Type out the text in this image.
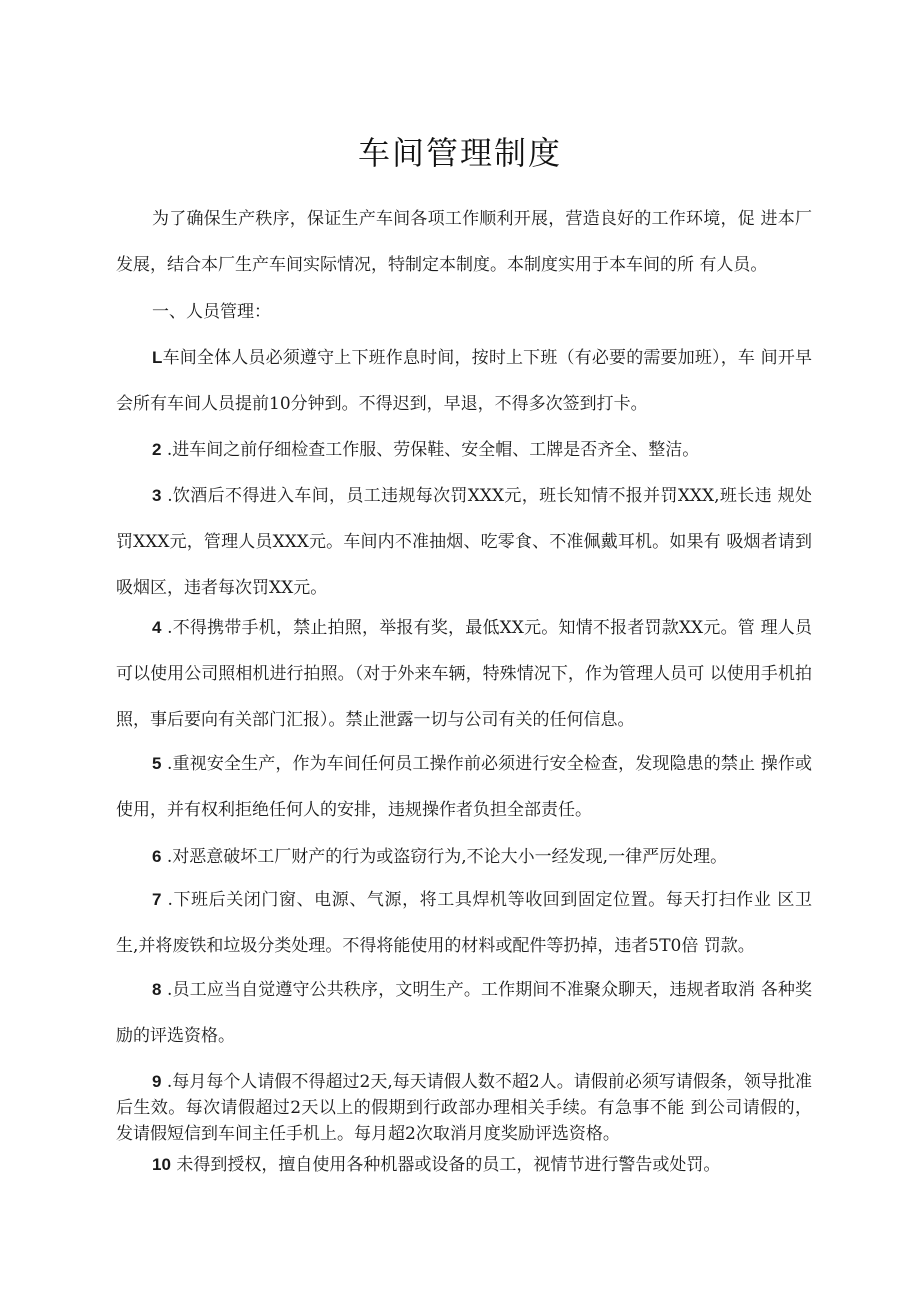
车间管理制度
为了确保生产秩序，保证生产车间各项工作顺利开展，营造良好的工作环境，促 进本厂发展，结合本厂生产车间实际情况，特制定本制度。本制度实用于本车间的所 有人员。
一、人员管理：
L车间全体人员必须遵守上下班作息时间，按时上下班（有必要的需要加班），车 间开早会所有车间人员提前10分钟到。不得迟到，早退，不得多次签到打卡。
2 .进车间之前仔细检查工作服、劳保鞋、安全帽、工牌是否齐全、整洁。
3 .饮酒后不得进入车间，员工违规每次罚XXX元，班长知情不报并罚XXX,班长违 规处罚XXX元，管理人员XXX元。车间内不准抽烟、吃零食、不准佩戴耳机。如果有 吸烟者请到吸烟区，违者每次罚XX元。
4 .不得携带手机，禁止拍照，举报有奖，最低XX元。知情不报者罚款XX元。管 理人员可以使用公司照相机进行拍照。（对于外来车辆，特殊情况下，作为管理人员可 以使用手机拍照，事后要向有关部门汇报）。禁止泄露一切与公司有关的任何信息。
5 .重视安全生产，作为车间任何员工操作前必须进行安全检查，发现隐患的禁止 操作或使用，并有权利拒绝任何人的安排，违规操作者负担全部责任。
6 .对恶意破坏工厂财产的行为或盗窃行为,不论大小一经发现,一律严厉处理。
7 .下班后关闭门窗、电源、气源，将工具焊机等收回到固定位置。每天打扫作业 区卫生,并将废铁和垃圾分类处理。不得将能使用的材料或配件等扔掉，违者5T0倍 罚款。
8 .员工应当自觉遵守公共秩序，文明生产。工作期间不准聚众聊天，违规者取消 各种奖励的评选资格。
9 .每月每个人请假不得超过2天,每天请假人数不超2人。请假前必须写请假条，领导批准后生效。每次请假超过2天以上的假期到行政部办理相关手续。有急事不能 到公司请假的，发请假短信到车间主任手机上。每月超2次取消月度奖励评选资格。
10 未得到授权，擅自使用各种机器或设备的员工，视情节进行警告或处罚。
